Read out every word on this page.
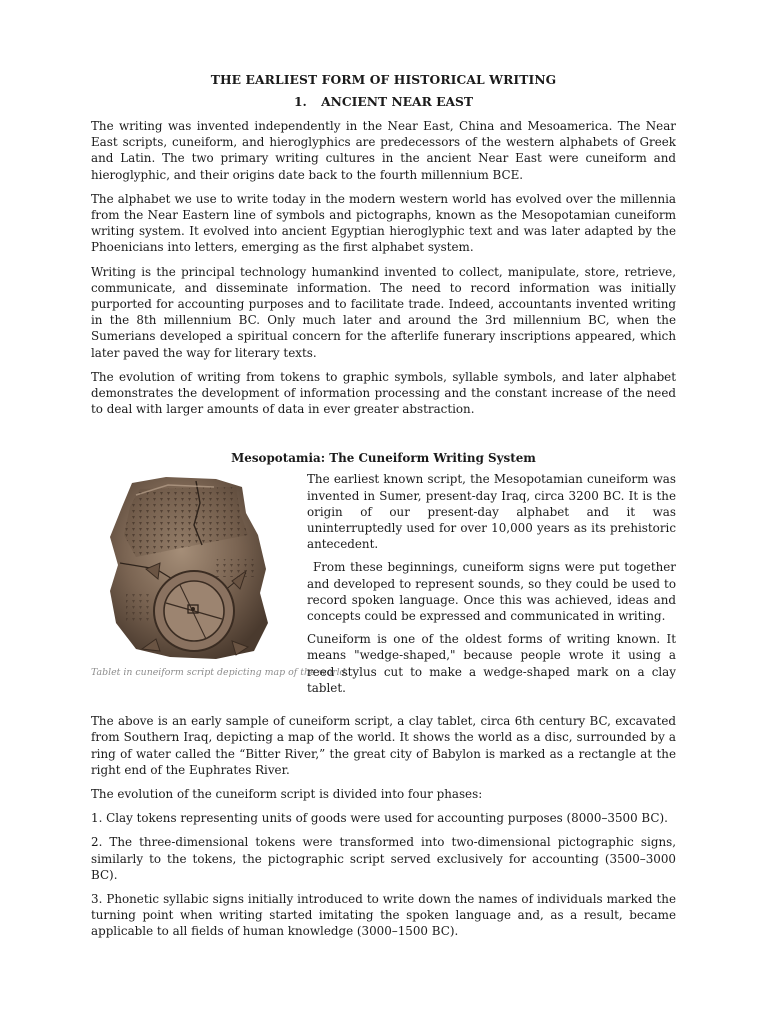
THE EARLIEST FORM OF HISTORICAL WRITING
1. ANCIENT NEAR EAST

The writing was invented independently in the Near East, China and Mesoamerica. The Near East scripts, cuneiform, and hieroglyphics are predecessors of the western alphabets of Greek and Latin. The two primary writing cultures in the ancient Near East were cuneiform and hieroglyphic, and their origins date back to the fourth millennium BCE.

The alphabet we use to write today in the modern western world has evolved over the millennia from the Near Eastern line of symbols and pictographs, known as the Mesopotamian cuneiform writing system. It evolved into ancient Egyptian hieroglyphic text and was later adapted by the Phoenicians into letters, emerging as the first alphabet system.

Writing is the principal technology humankind invented to collect, manipulate, store, retrieve, communicate, and disseminate information. The need to record information was initially purported for accounting purposes and to facilitate trade. Indeed, accountants invented writing in the 8th millennium BC. Only much later and around the 3rd millennium BC, when the Sumerians developed a spiritual concern for the afterlife funerary inscriptions appeared, which later paved the way for literary texts.

The evolution of writing from tokens to graphic symbols, syllable symbols, and later alphabet demonstrates the development of information processing and the constant increase of the need to deal with larger amounts of data in ever greater abstraction.

Mesopotamia: The Cuneiform Writing System
Tablet in cuneiform script depicting map of the world.

The earliest known script, the Mesopotamian cuneiform was invented in Sumer, present-day Iraq, circa 3200 BC. It is the origin of our present-day alphabet and it was uninterruptedly used for over 10,000 years as its prehistoric antecedent.

From these beginnings, cuneiform signs were put together and developed to represent sounds, so they could be used to record spoken language. Once this was achieved, ideas and concepts could be expressed and communicated in writing.

Cuneiform is one of the oldest forms of writing known. It means "wedge-shaped," because people wrote it using a reed stylus cut to make a wedge-shaped mark on a clay tablet.

The above is an early sample of cuneiform script, a clay tablet, circa 6th century BC, excavated from Southern Iraq, depicting a map of the world. It shows the world as a disc, surrounded by a ring of water called the “Bitter River,” the great city of Babylon is marked as a rectangle at the right end of the Euphrates River.

The evolution of the cuneiform script is divided into four phases:

1. Clay tokens representing units of goods were used for accounting purposes (8000–3500 BC).

2. The three-dimensional tokens were transformed into two-dimensional pictographic signs, similarly to the tokens, the pictographic script served exclusively for accounting (3500–3000 BC).

3. Phonetic syllabic signs initially introduced to write down the names of individuals marked the turning point when writing started imitating the spoken language and, as a result, became applicable to all fields of human knowledge (3000–1500 BC).
